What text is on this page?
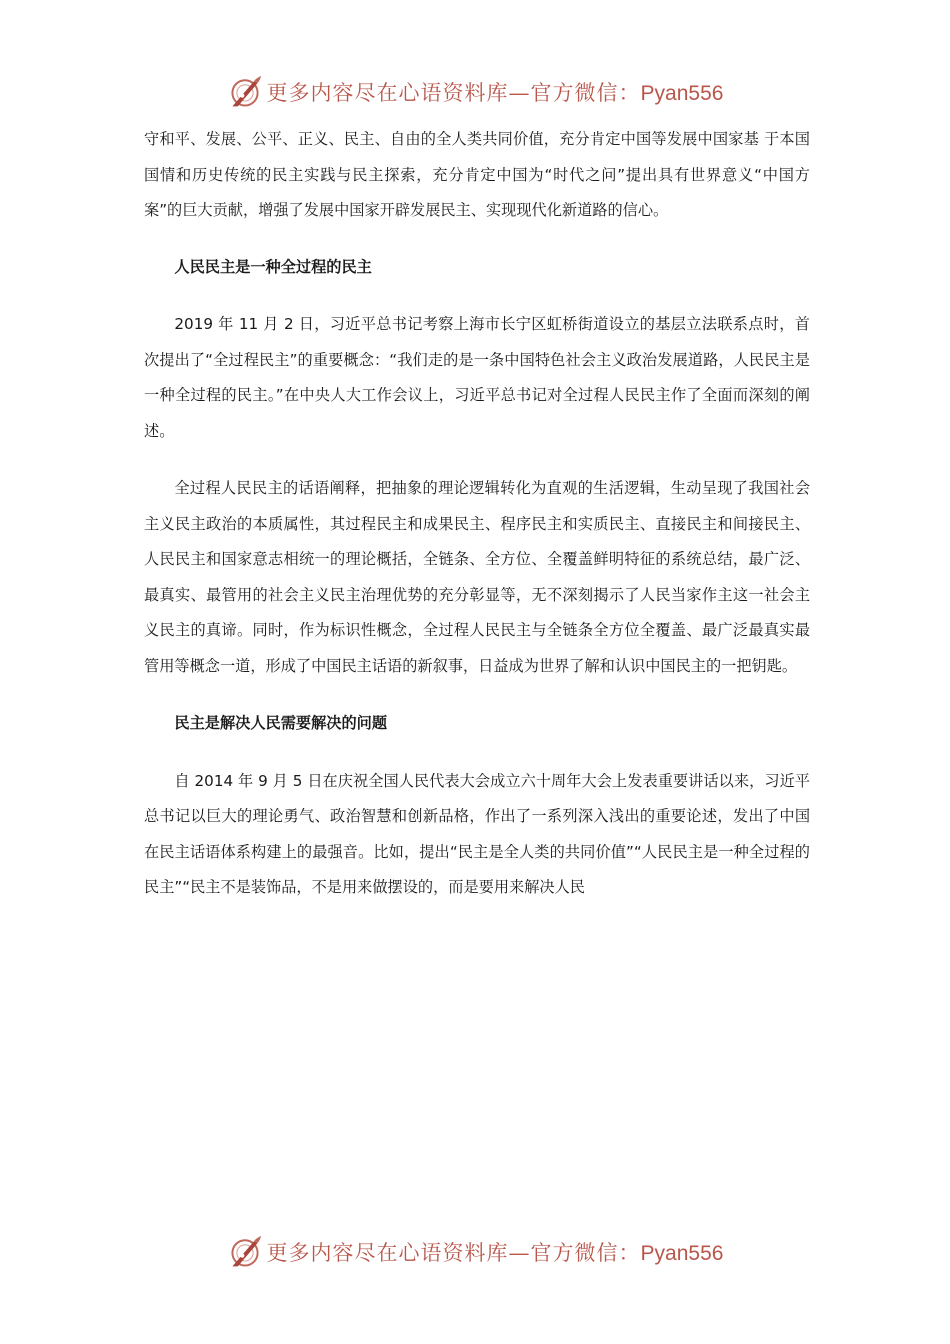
更多内容尽在心语资料库—官方微信：Pyan556

守和平、发展、公平、正义、民主、自由的全人类共同价值，充分肯定中国等发展中国家基 于本国国情和历史传统的民主实践与民主探索，充分肯定中国为“时代之问”提出具有世界意义“中国方案”的巨大贡献，增强了发展中国家开辟发展民主、实现现代化新道路的信心。

人民民主是一种全过程的民主

2019 年 11 月 2 日，习近平总书记考察上海市长宁区虹桥街道设立的基层立法联系点时，首次提出了“全过程民主”的重要概念：“我们走的是一条中国特色社会主义政治发展道路，人民民主是一种全过程的民主。”在中央人大工作会议上，习近平总书记对全过程人民民主作了全面而深刻的阐述。

全过程人民民主的话语阐释，把抽象的理论逻辑转化为直观的生活逻辑，生动呈现了我国社会主义民主政治的本质属性，其过程民主和成果民主、程序民主和实质民主、直接民主和间接民主、人民民主和国家意志相统一的理论概括，全链条、全方位、全覆盖鲜明特征的系统总结，最广泛、最真实、最管用的社会主义民主治理优势的充分彰显等，无不深刻揭示了人民当家作主这一社会主义民主的真谛。同时，作为标识性概念，全过程人民民主与全链条全方位全覆盖、最广泛最真实最管用等概念一道，形成了中国民主话语的新叙事，日益成为世界了解和认识中国民主的一把钥匙。

民主是解决人民需要解决的问题

自 2014 年 9 月 5 日在庆祝全国人民代表大会成立六十周年大会上发表重要讲话以来，习近平总书记以巨大的理论勇气、政治智慧和创新品格，作出了一系列深入浅出的重要论述，发出了中国在民主话语体系构建上的最强音。比如，提出“民主是全人类的共同价值”“人民民主是一种全过程的民主”“民主不是装饰品，不是用来做摆设的，而是要用来解决人民

更多内容尽在心语资料库—官方微信：Pyan556
